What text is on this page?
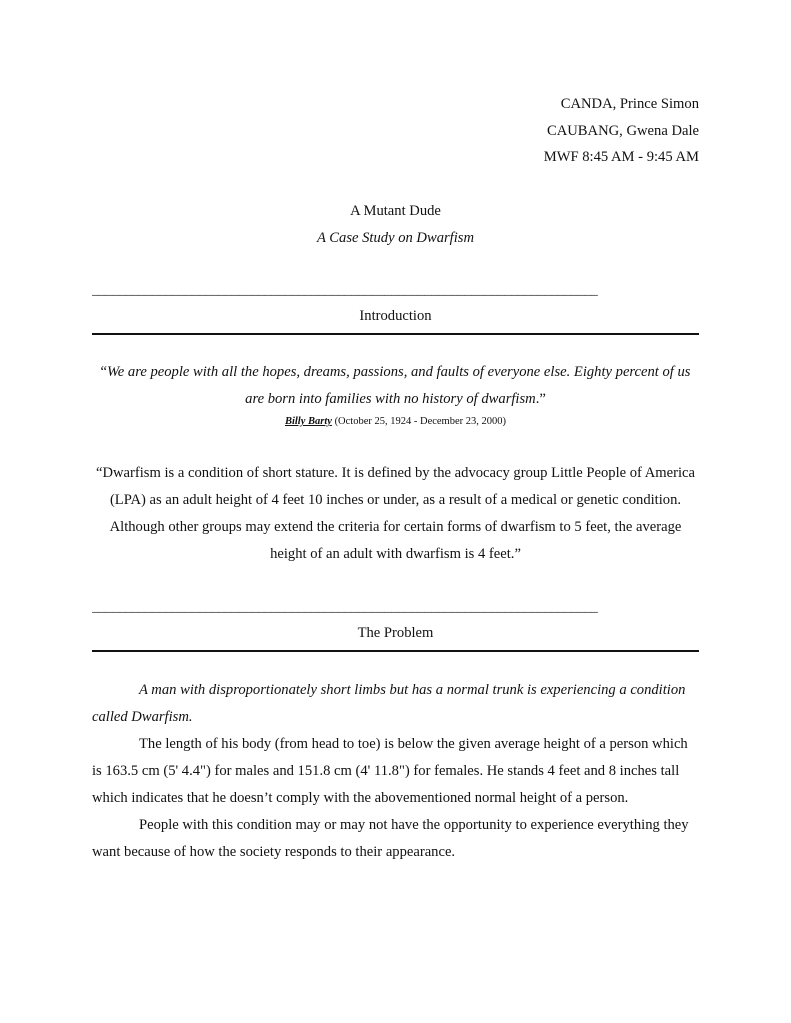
CANDA, Prince Simon
CAUBANG, Gwena Dale
MWF 8:45 AM - 9:45 AM
A Mutant Dude
A Case Study on Dwarfism
____________________________________________________________________________
Introduction
“We are people with all the hopes, dreams, passions, and faults of everyone else. Eighty percent of us are born into families with no history of dwarfism.”
Billy Barty (October 25, 1924 - December 23, 2000)
“Dwarfism is a condition of short stature. It is defined by the advocacy group Little People of America (LPA) as an adult height of 4 feet 10 inches or under, as a result of a medical or genetic condition. Although other groups may extend the criteria for certain forms of dwarfism to 5 feet, the average height of an adult with dwarfism is 4 feet.”
____________________________________________________________________________
The Problem

A man with disproportionately short limbs but has a normal trunk is experiencing a condition called Dwarfism.

The length of his body (from head to toe) is below the given average height of a person which is 163.5 cm (5' 4.4") for males and 151.8 cm (4' 11.8") for females. He stands 4 feet and 8 inches tall which indicates that he doesn’t comply with the abovementioned normal height of a person.

People with this condition may or may not have the opportunity to experience everything they want because of how the society responds to their appearance.
